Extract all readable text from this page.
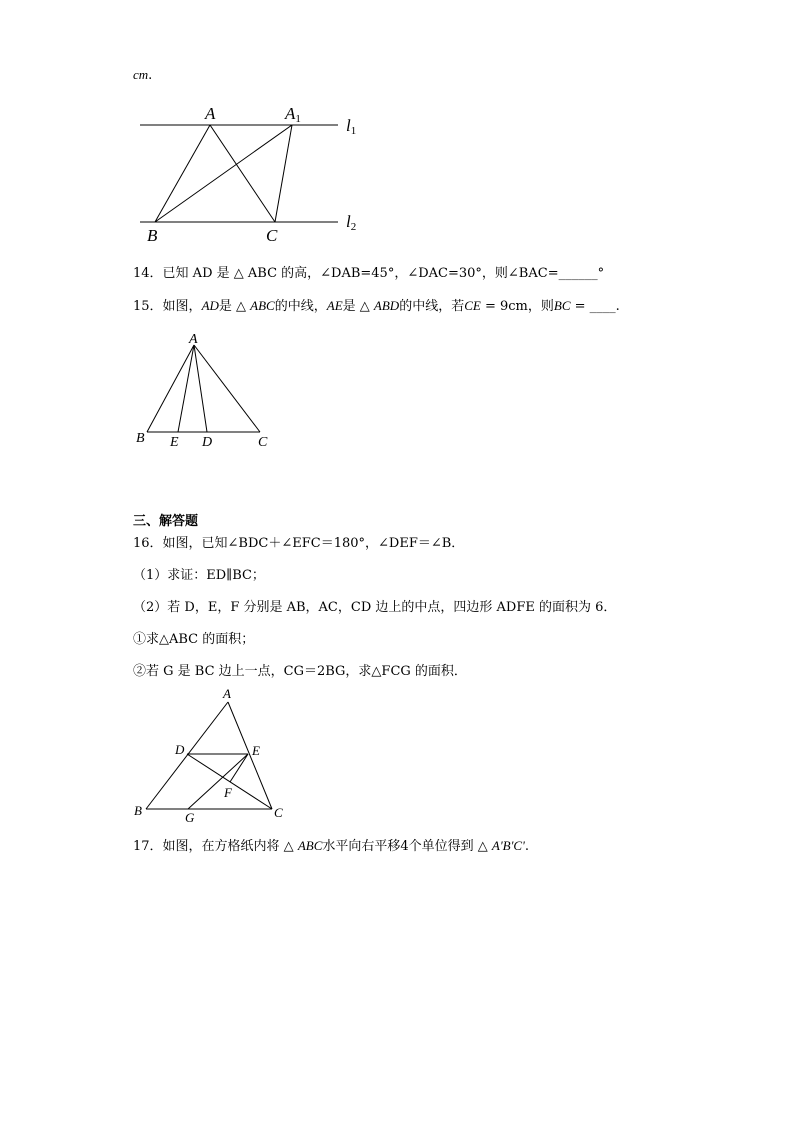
cm.
A	A1	l1
B	C
l2
14．已知 AD 是 △ ABC 的高，∠DAB=45°，∠DAC=30°，则∠BAC=______°
15．如图，AD是 △ ABC的中线，AE是 △ ABD的中线，若CE = 9cm，则BC = ____.
A
B E D	C
三、解答题
16．如图，已知∠BDC＋∠EFC＝180°，∠DEF＝∠B．
（1）求证：ED∥BC；
（2）若 D，E，F 分别是 AB，AC，CD 边上的中点，四边形 ADFE 的面积为 6．
①求△ABC 的面积；
②若 G 是 BC 边上一点，CG＝2BG，求△FCG 的面积．
A
D	E
F
B	G	C
17．如图，在方格纸内将 △ ABC水平向右平移4个单位得到 △ A'B'C'.
